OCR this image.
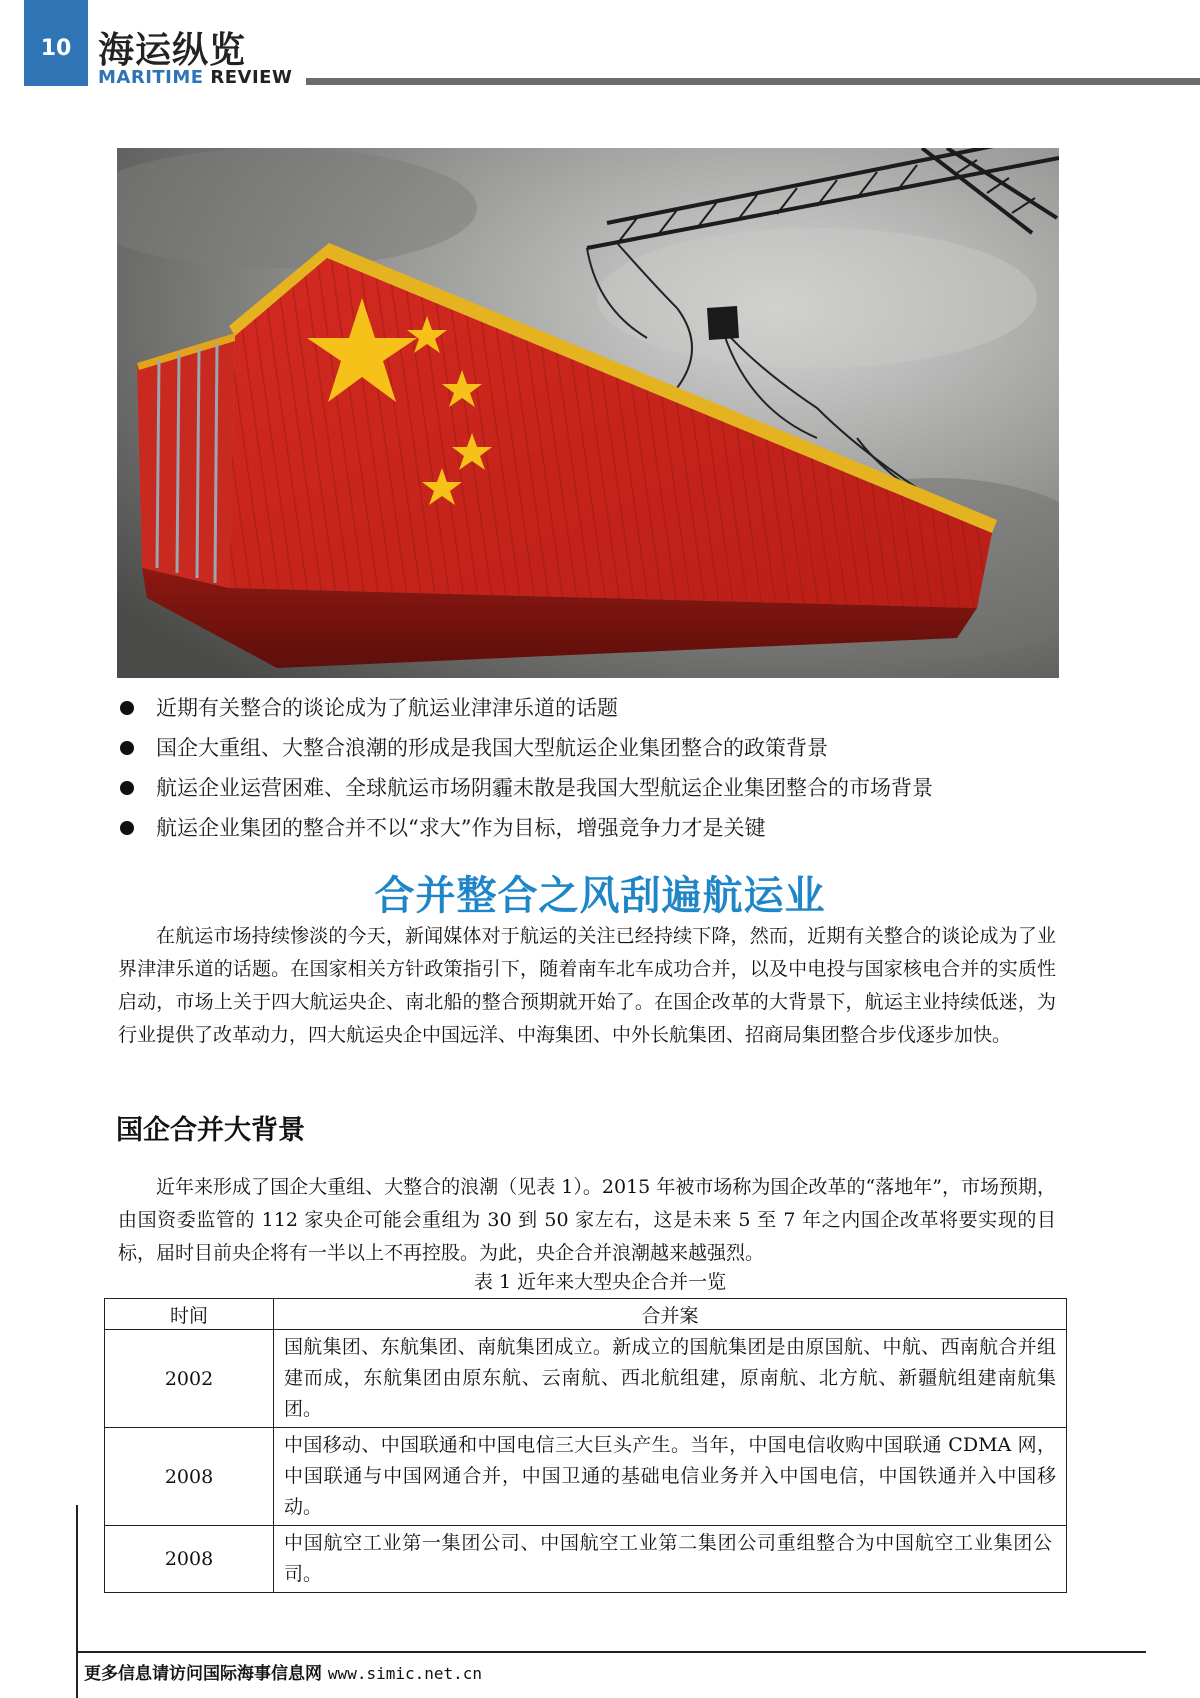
10 海运纵览
MARITIME REVIEW
近期有关整合的谈论成为了航运业津津乐道的话题
国企大重组、大整合浪潮的形成是我国大型航运企业集团整合的政策背景
航运企业运营困难、全球航运市场阴霾未散是我国大型航运企业集团整合的市场背景
航运企业集团的整合并不以“求大”作为目标，增强竞争力才是关键
合并整合之风刮遍航运业

在航运市场持续惨淡的今天，新闻媒体对于航运的关注已经持续下降，然而，近期有关整合的谈论成为了业界津津乐道的话题。在国家相关方针政策指引下，随着南车北车成功合并，以及中电投与国家核电合并的实质性启动，市场上关于四大航运央企、南北船的整合预期就开始了。在国企改革的大背景下，航运主业持续低迷，为行业提供了改革动力，四大航运央企中国远洋、中海集团、中外长航集团、招商局集团整合步伐逐步加快。

国企合并大背景

近年来形成了国企大重组、大整合的浪潮（见表 1）。2015 年被市场称为国企改革的“落地年”，市场预期，由国资委监管的 112 家央企可能会重组为 30 到 50 家左右，这是未来 5 至 7 年之内国企改革将要实现的目标，届时目前央企将有一半以上不再控股。为此，央企合并浪潮越来越强烈。

表 1 近年来大型央企合并一览
时间	合并案
2002	国航集团、东航集团、南航集团成立。新成立的国航集团是由原国航、中航、西南航合并组建而成，东航集团由原东航、云南航、西北航组建，原南航、北方航、新疆航组建南航集团。
2008	中国移动、中国联通和中国电信三大巨头产生。当年，中国电信收购中国联通 CDMA 网，中国联通与中国网通合并，中国卫通的基础电信业务并入中国电信，中国铁通并入中国移动。
2008	中国航空工业第一集团公司、中国航空工业第二集团公司重组整合为中国航空工业集团公司。
更多信息请访问国际海事信息网 www.simic.net.cn
